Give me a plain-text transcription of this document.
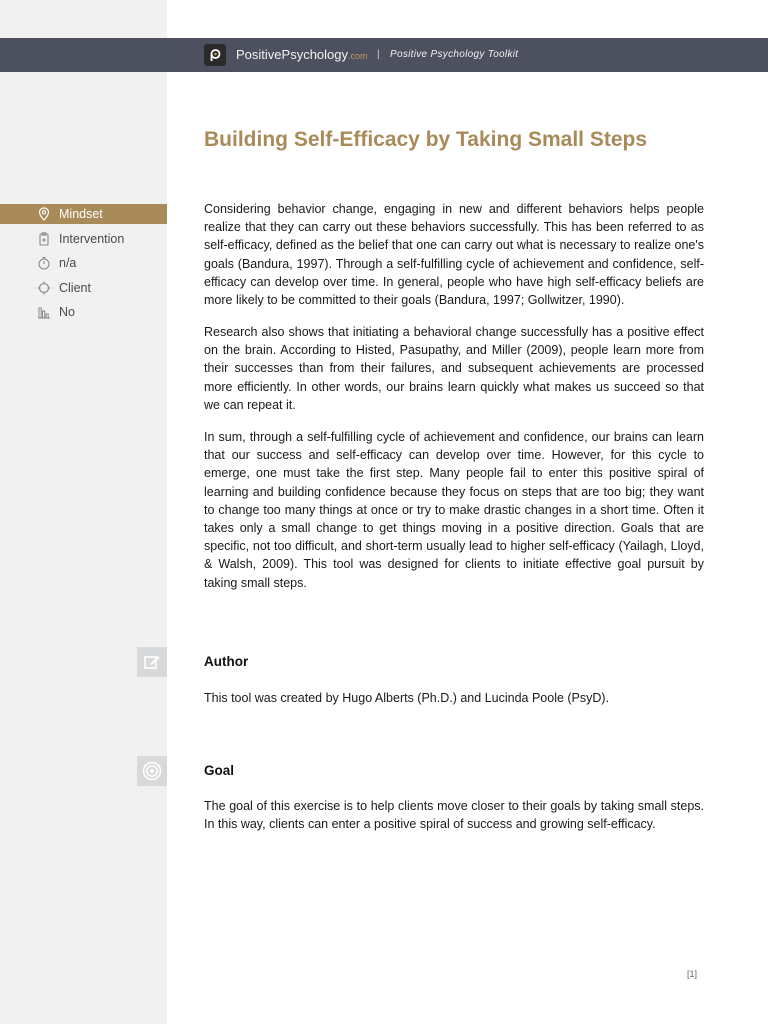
PositivePsychology .com | Positive Psychology Toolkit
Building Self-Efficacy by Taking Small Steps
Mindset
Intervention
n/a
Client
No

Considering behavior change, engaging in new and different behaviors helps people realize that they can carry out these behaviors successfully. This has been referred to as self-efficacy, defined as the belief that one can carry out what is necessary to realize one's goals (Bandura, 1997). Through a self-fulfilling cycle of achievement and confidence, self-efficacy can develop over time. In general, people who have high self-efficacy beliefs are more likely to be committed to their goals (Bandura, 1997; Gollwitzer, 1990).

Research also shows that initiating a behavioral change successfully has a positive effect on the brain. According to Histed, Pasupathy, and Miller (2009), people learn more from their successes than from their failures, and subsequent achievements are processed more efficiently. In other words, our brains learn quickly what makes us succeed so that we can repeat it.

In sum, through a self-fulfilling cycle of achievement and confidence, our brains can learn that our success and self-efficacy can develop over time. However, for this cycle to emerge, one must take the first step. Many people fail to enter this positive spiral of learning and building confidence because they focus on steps that are too big; they want to change too many things at once or try to make drastic changes in a short time. Often it takes only a small change to get things moving in a positive direction. Goals that are specific, not too difficult, and short-term usually lead to higher self-efficacy (Yailagh, Lloyd, & Walsh, 2009). This tool was designed for clients to initiate effective goal pursuit by taking small steps.

Author

This tool was created by Hugo Alberts (Ph.D.) and Lucinda Poole (PsyD).

Goal

The goal of this exercise is to help clients move closer to their goals by taking small steps. In this way, clients can enter a positive spiral of success and growing self-efficacy.

[1]
